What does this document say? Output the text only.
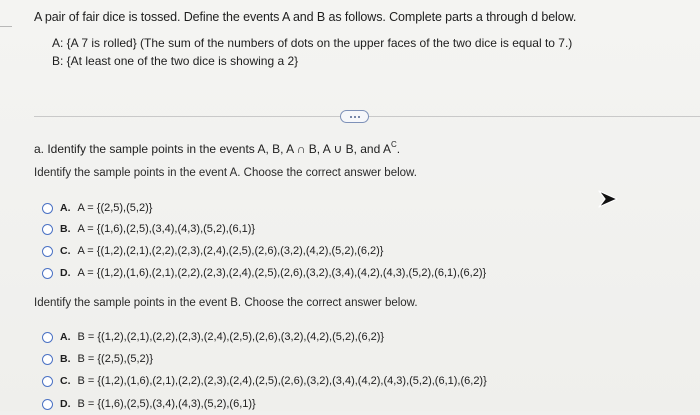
A pair of fair dice is tossed. Define the events A and B as follows. Complete parts a through d below.
A: {A 7 is rolled} (The sum of the numbers of dots on the upper faces of the two dice is equal to 7.)
B: {At least one of the two dice is showing a 2}
a. Identify the sample points in the events A, B, A ∩ B, A ∪ B, and $A^C$.
Identify the sample points in the event A. Choose the correct answer below.
A. A = {(2,5),(5,2)}
B. A = {(1,6),(2,5),(3,4),(4,3),(5,2),(6,1)}
C. A = {(1,2),(2,1),(2,2),(2,3),(2,4),(2,5),(2,6),(3,2),(4,2),(5,2),(6,2)}
D. A = {(1,2),(1,6),(2,1),(2,2),(2,3),(2,4),(2,5),(2,6),(3,2),(3,4),(4,2),(4,3),(5,2),(6,1),(6,2)}
Identify the sample points in the event B. Choose the correct answer below.
A. B = {(1,2),(2,1),(2,2),(2,3),(2,4),(2,5),(2,6),(3,2),(4,2),(5,2),(6,2)}
B. B = {(2,5),(5,2)}
C. B = {(1,2),(1,6),(2,1),(2,2),(2,3),(2,4),(2,5),(2,6),(3,2),(3,4),(4,2),(4,3),(5,2),(6,1),(6,2)}
D. B = {(1,6),(2,5),(3,4),(4,3),(5,2),(6,1)}
